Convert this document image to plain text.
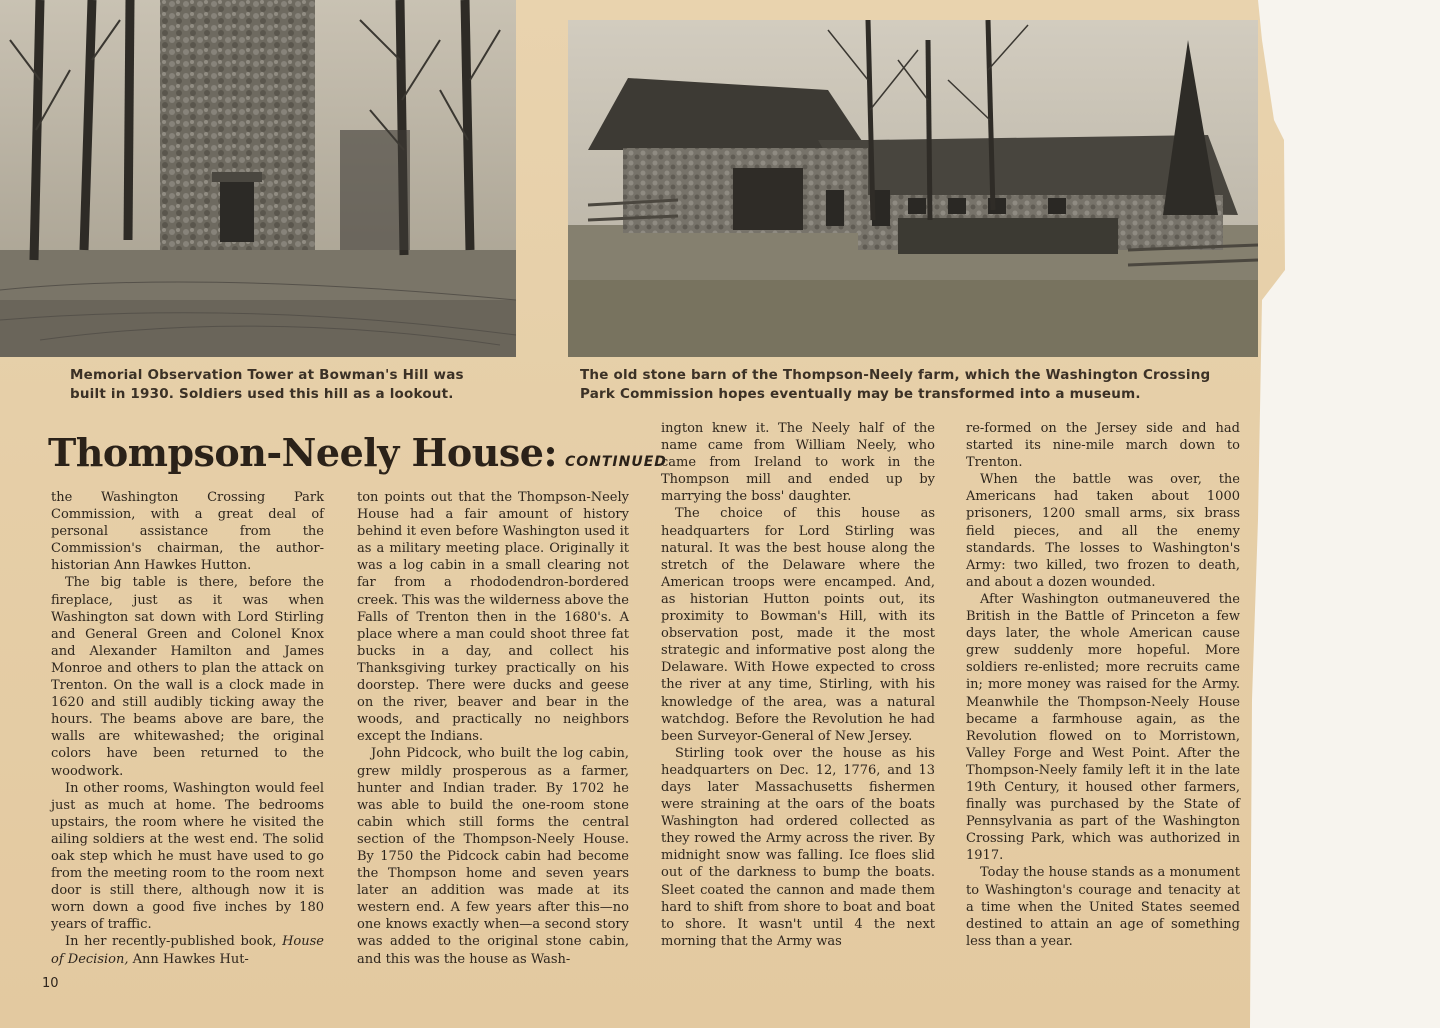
Memorial Observation Tower at Bowman's Hill was
built in 1930. Soldiers used this hill as a lookout.
The old stone barn of the Thompson-Neely farm, which the Washington Crossing
Park Commission hopes eventually may be transformed into a museum.
Thompson-Neely House: CONTINUED

the Washington Crossing Park Commission, with a great deal of personal assistance from the Commission's chairman, the author-historian Ann Hawkes Hutton.

The big table is there, before the fireplace, just as it was when Washington sat down with Lord Stirling and General Green and Colonel Knox and Alexander Hamilton and James Monroe and others to plan the attack on Trenton. On the wall is a clock made in 1620 and still audibly ticking away the hours. The beams above are bare, the walls are whitewashed; the original colors have been returned to the woodwork.

In other rooms, Washington would feel just as much at home. The bedrooms upstairs, the room where he visited the ailing soldiers at the west end. The solid oak step which he must have used to go from the meeting room to the room next door is still there, although now it is worn down a good five inches by 180 years of traffic.

In her recently-published book, House of Decision, Ann Hawkes Hut-

ton points out that the Thompson-Neely House had a fair amount of history behind it even before Washington used it as a military meeting place. Originally it was a log cabin in a small clearing not far from a rhododendron-bordered creek. This was the wilderness above the Falls of Trenton then in the 1680's. A place where a man could shoot three fat bucks in a day, and collect his Thanksgiving turkey practically on his doorstep. There were ducks and geese on the river, beaver and bear in the woods, and practically no neighbors except the Indians.

John Pidcock, who built the log cabin, grew mildly prosperous as a farmer, hunter and Indian trader. By 1702 he was able to build the one-room stone cabin which still forms the central section of the Thompson-Neely House. By 1750 the Pidcock cabin had become the Thompson home and seven years later an addition was made at its western end. A few years after this—no one knows exactly when—a second story was added to the original stone cabin, and this was the house as Wash-

ington knew it. The Neely half of the name came from William Neely, who came from Ireland to work in the Thompson mill and ended up by marrying the boss' daughter.

The choice of this house as headquarters for Lord Stirling was natural. It was the best house along the stretch of the Delaware where the American troops were encamped. And, as historian Hutton points out, its proximity to Bowman's Hill, with its observation post, made it the most strategic and informative post along the Delaware. With Howe expected to cross the river at any time, Stirling, with his knowledge of the area, was a natural watchdog. Before the Revolution he had been Surveyor-General of New Jersey.

Stirling took over the house as his headquarters on Dec. 12, 1776, and 13 days later Massachusetts fishermen were straining at the oars of the boats Washington had ordered collected as they rowed the Army across the river. By midnight snow was falling. Ice floes slid out of the darkness to bump the boats. Sleet coated the cannon and made them hard to shift from shore to boat and boat to shore. It wasn't until 4 the next morning that the Army was

re-formed on the Jersey side and had started its nine-mile march down to Trenton.

When the battle was over, the Americans had taken about 1000 prisoners, 1200 small arms, six brass field pieces, and all the enemy standards. The losses to Washington's Army: two killed, two frozen to death, and about a dozen wounded.

After Washington outmaneuvered the British in the Battle of Princeton a few days later, the whole American cause grew suddenly more hopeful. More soldiers re-enlisted; more recruits came in; more money was raised for the Army. Meanwhile the Thompson-Neely House became a farmhouse again, as the Revolution flowed on to Morristown, Valley Forge and West Point. After the Thompson-Neely family left it in the late 19th Century, it housed other farmers, finally was purchased by the State of Pennsylvania as part of the Washington Crossing Park, which was authorized in 1917.

Today the house stands as a monument to Washington's courage and tenacity at a time when the United States seemed destined to attain an age of something less than a year.

10
